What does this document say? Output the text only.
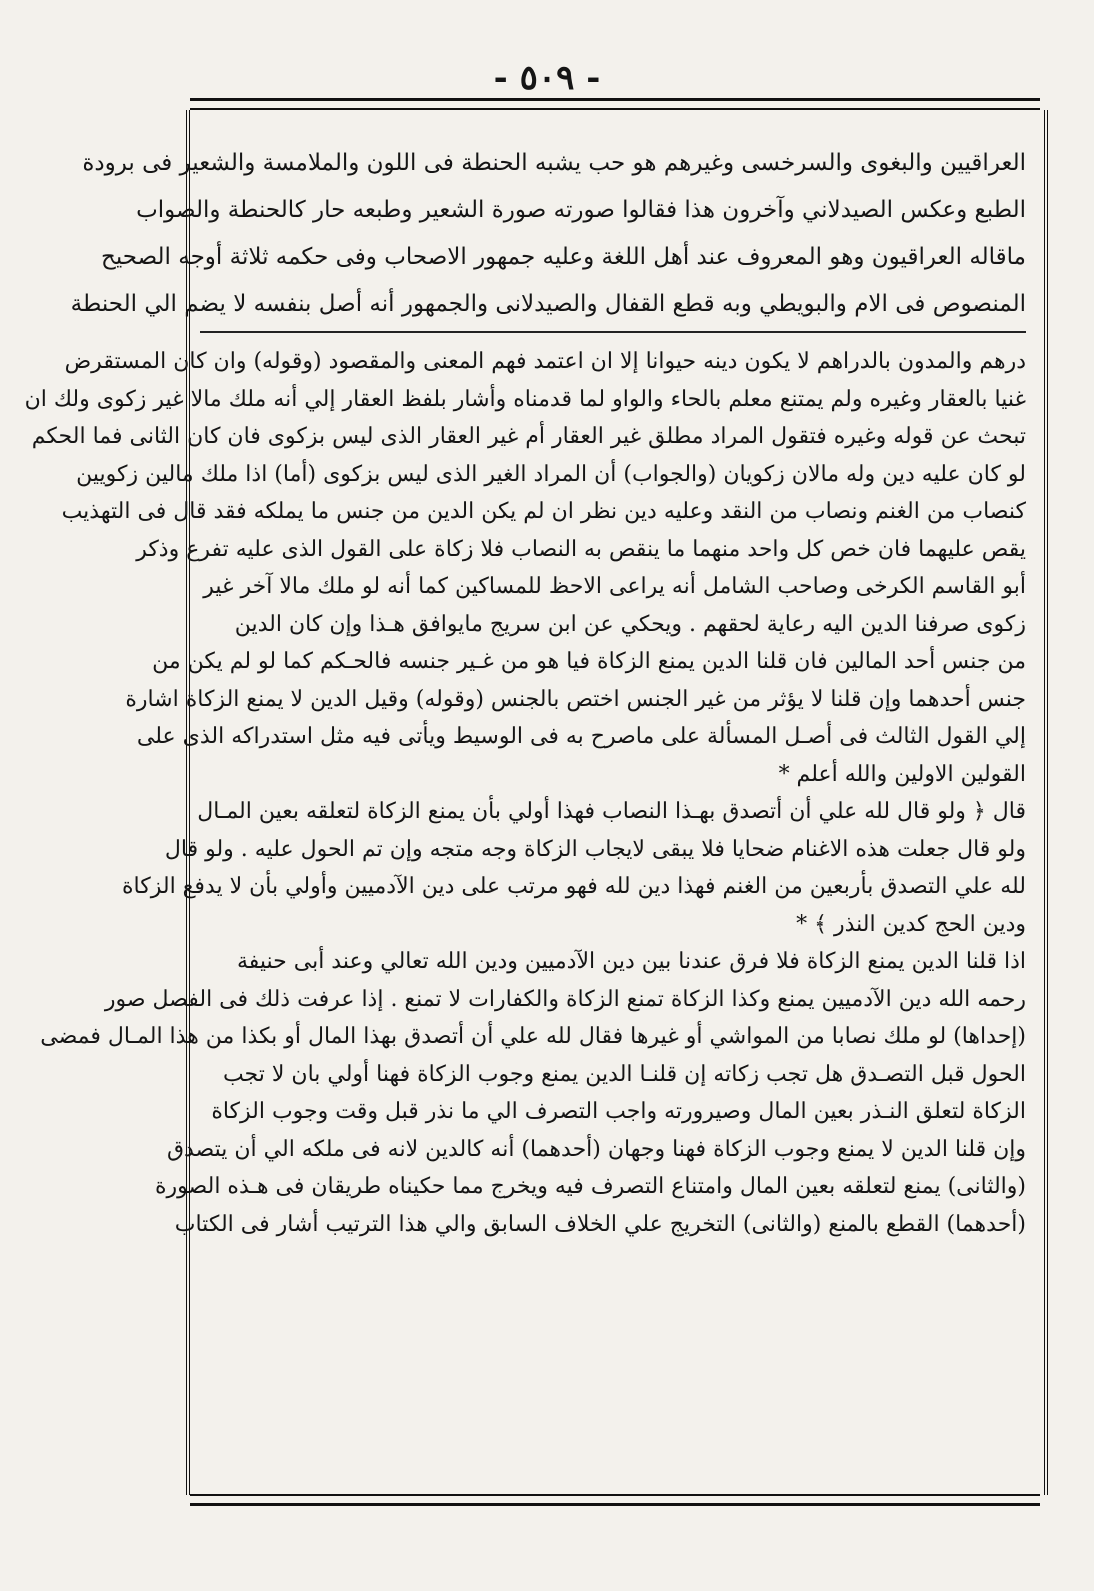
- ٥٠٩ -
العراقيين والبغوى والسرخسى وغيرهم هو حب يشبه الحنطة فى اللون والملامسة والشعير فى برودة
الطبع وعكس الصيدلاني وآخرون هذا فقالوا صورته صورة الشعير وطبعه حار كالحنطة والصواب
ماقاله العراقيون وهو المعروف عند أهل اللغة وعليه جمهور الاصحاب وفى حكمه ثلاثة أوجه الصحيح
المنصوص فى الام والبويطي وبه قطع القفال والصيدلانى والجمهور أنه أصل بنفسه لا يضم الي الحنطة
درهم والمدون بالدراهم لا يكون دينه حيوانا إلا ان اعتمد فهم المعنى والمقصود (وقوله) وان كان المستقرض
غنيا بالعقار وغيره ولم يمتنع معلم بالحاء والواو لما قدمناه وأشار بلفظ العقار إلي أنه ملك مالا غير زكوى ولك ان
تبحث عن قوله وغيره فتقول المراد مطلق غير العقار أم غير العقار الذى ليس بزكوى فان كان الثانى فما الحكم
لو كان عليه دين وله مالان زكويان (والجواب) أن المراد الغير الذى ليس بزكوى (أما) اذا ملك مالين زكويين
كنصاب من الغنم ونصاب من النقد وعليه دين نظر ان لم يكن الدين من جنس ما يملكه فقد قال فى التهذيب
يقص عليهما فان خص كل واحد منهما ما ينقص به النصاب فلا زكاة على القول الذى عليه تفرع وذكر
أبو القاسم الكرخى وصاحب الشامل أنه يراعى الاحظ للمساكين كما أنه لو ملك مالا آخر غير
زكوى صرفنا الدين اليه رعاية لحقهم . ويحكي عن ابن سريج مايوافق هـذا وإن كان الدين
من جنس أحد المالين فان قلنا الدين يمنع الزكاة فيا هو من غـير جنسه فالحـكم كما لو لم يكن من
جنس أحدهما وإن قلنا لا يؤثر من غير الجنس اختص بالجنس (وقوله) وقيل الدين لا يمنع الزكاة اشارة
إلي القول الثالث فى أصـل المسألة على ماصرح به فى الوسيط ويأتى فيه مثل استدراكه الذى على
القولين الاولين والله أعلم *
قال ﴿ ولو قال لله علي أن أتصدق بهـذا النصاب فهذا أولي بأن يمنع الزكاة لتعلقه بعين المـال
ولو قال جعلت هذه الاغنام ضحايا فلا يبقى لايجاب الزكاة وجه متجه وإن تم الحول عليه . ولو قال
لله علي التصدق بأربعين من الغنم فهذا دين لله فهو مرتب على دين الآدميين وأولي بأن لا يدفع الزكاة
ودين الحج كدين النذر ﴾ *
اذا قلنا الدين يمنع الزكاة فلا فرق عندنا بين دين الآدميين ودين الله تعالي وعند أبى حنيفة
رحمه الله دين الآدميين يمنع وكذا الزكاة تمنع الزكاة والكفارات لا تمنع . إذا عرفت ذلك فى الفصل صور
(إحداها) لو ملك نصابا من المواشي أو غيرها فقال لله علي أن أتصدق بهذا المال أو بكذا من هذا المـال فمضى
الحول قبل التصـدق هل تجب زكاته إن قلنـا الدين يمنع وجوب الزكاة فهنا أولي بان لا تجب
الزكاة لتعلق النـذر بعين المال وصيرورته واجب التصرف الي ما نذر قبل وقت وجوب الزكاة
وإن قلنا الدين لا يمنع وجوب الزكاة فهنا وجهان (أحدهما) أنه كالدين لانه فى ملكه الي أن يتصدق
(والثانى) يمنع لتعلقه بعين المال وامتناع التصرف فيه ويخرج مما حكيناه طريقان فى هـذه الصورة
(أحدهما) القطع بالمنع (والثانى) التخريج علي الخلاف السابق والي هذا الترتيب أشار فى الكتاب
